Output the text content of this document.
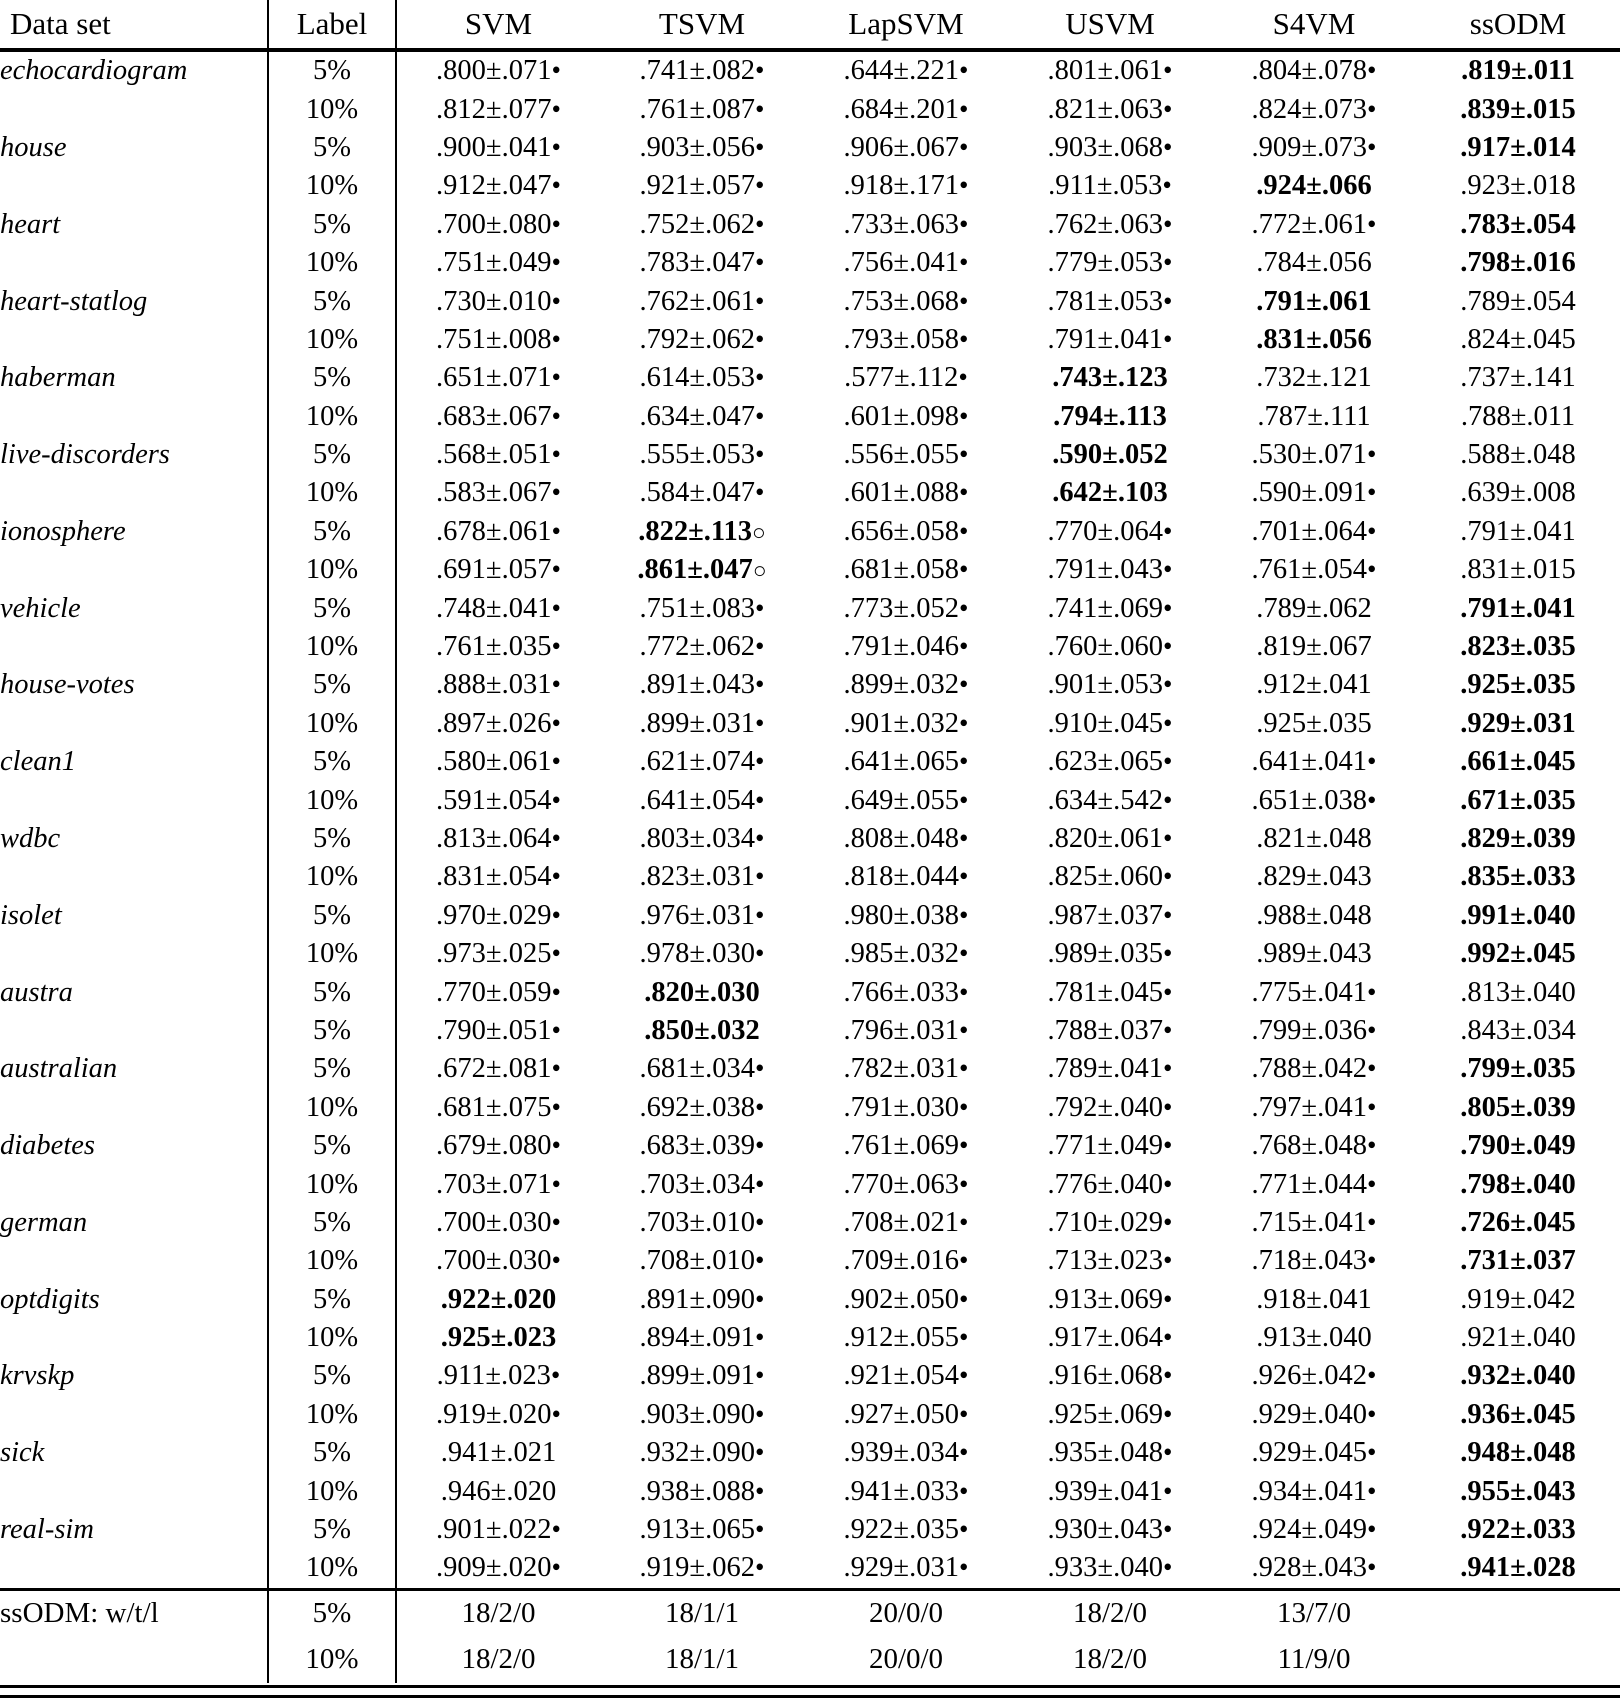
Data set	Label	SVM	TSVM	LapSVM	USVM	S4VM	ssODM
echocardiogram	5%	.800±.071•	.741±.082•	.644±.221•	.801±.061•	.804±.078•	.819±.011
	10%	.812±.077•	.761±.087•	.684±.201•	.821±.063•	.824±.073•	.839±.015
house	5%	.900±.041•	.903±.056•	.906±.067•	.903±.068•	.909±.073•	.917±.014
	10%	.912±.047•	.921±.057•	.918±.171•	.911±.053•	.924±.066	.923±.018
heart	5%	.700±.080•	.752±.062•	.733±.063•	.762±.063•	.772±.061•	.783±.054
	10%	.751±.049•	.783±.047•	.756±.041•	.779±.053•	.784±.056	.798±.016
heart-statlog	5%	.730±.010•	.762±.061•	.753±.068•	.781±.053•	.791±.061	.789±.054
	10%	.751±.008•	.792±.062•	.793±.058•	.791±.041•	.831±.056	.824±.045
haberman	5%	.651±.071•	.614±.053•	.577±.112•	.743±.123	.732±.121	.737±.141
	10%	.683±.067•	.634±.047•	.601±.098•	.794±.113	.787±.111	.788±.011
live-discorders	5%	.568±.051•	.555±.053•	.556±.055•	.590±.052	.530±.071•	.588±.048
	10%	.583±.067•	.584±.047•	.601±.088•	.642±.103	.590±.091•	.639±.008
ionosphere	5%	.678±.061•	.822±.113○	.656±.058•	.770±.064•	.701±.064•	.791±.041
	10%	.691±.057•	.861±.047○	.681±.058•	.791±.043•	.761±.054•	.831±.015
vehicle	5%	.748±.041•	.751±.083•	.773±.052•	.741±.069•	.789±.062	.791±.041
	10%	.761±.035•	.772±.062•	.791±.046•	.760±.060•	.819±.067	.823±.035
house-votes	5%	.888±.031•	.891±.043•	.899±.032•	.901±.053•	.912±.041	.925±.035
	10%	.897±.026•	.899±.031•	.901±.032•	.910±.045•	.925±.035	.929±.031
clean1	5%	.580±.061•	.621±.074•	.641±.065•	.623±.065•	.641±.041•	.661±.045
	10%	.591±.054•	.641±.054•	.649±.055•	.634±.542•	.651±.038•	.671±.035
wdbc	5%	.813±.064•	.803±.034•	.808±.048•	.820±.061•	.821±.048	.829±.039
	10%	.831±.054•	.823±.031•	.818±.044•	.825±.060•	.829±.043	.835±.033
isolet	5%	.970±.029•	.976±.031•	.980±.038•	.987±.037•	.988±.048	.991±.040
	10%	.973±.025•	.978±.030•	.985±.032•	.989±.035•	.989±.043	.992±.045
austra	5%	.770±.059•	.820±.030	.766±.033•	.781±.045•	.775±.041•	.813±.040
	5%	.790±.051•	.850±.032	.796±.031•	.788±.037•	.799±.036•	.843±.034
australian	5%	.672±.081•	.681±.034•	.782±.031•	.789±.041•	.788±.042•	.799±.035
	10%	.681±.075•	.692±.038•	.791±.030•	.792±.040•	.797±.041•	.805±.039
diabetes	5%	.679±.080•	.683±.039•	.761±.069•	.771±.049•	.768±.048•	.790±.049
	10%	.703±.071•	.703±.034•	.770±.063•	.776±.040•	.771±.044•	.798±.040
german	5%	.700±.030•	.703±.010•	.708±.021•	.710±.029•	.715±.041•	.726±.045
	10%	.700±.030•	.708±.010•	.709±.016•	.713±.023•	.718±.043•	.731±.037
optdigits	5%	.922±.020	.891±.090•	.902±.050•	.913±.069•	.918±.041	.919±.042
	10%	.925±.023	.894±.091•	.912±.055•	.917±.064•	.913±.040	.921±.040
krvskp	5%	.911±.023•	.899±.091•	.921±.054•	.916±.068•	.926±.042•	.932±.040
	10%	.919±.020•	.903±.090•	.927±.050•	.925±.069•	.929±.040•	.936±.045
sick	5%	.941±.021	.932±.090•	.939±.034•	.935±.048•	.929±.045•	.948±.048
	10%	.946±.020	.938±.088•	.941±.033•	.939±.041•	.934±.041•	.955±.043
real-sim	5%	.901±.022•	.913±.065•	.922±.035•	.930±.043•	.924±.049•	.922±.033
	10%	.909±.020•	.919±.062•	.929±.031•	.933±.040•	.928±.043•	.941±.028
ssODM: w/t/l	5%	18/2/0	18/1/1	20/0/0	18/2/0	13/7/0	
	10%	18/2/0	18/1/1	20/0/0	18/2/0	11/9/0	
